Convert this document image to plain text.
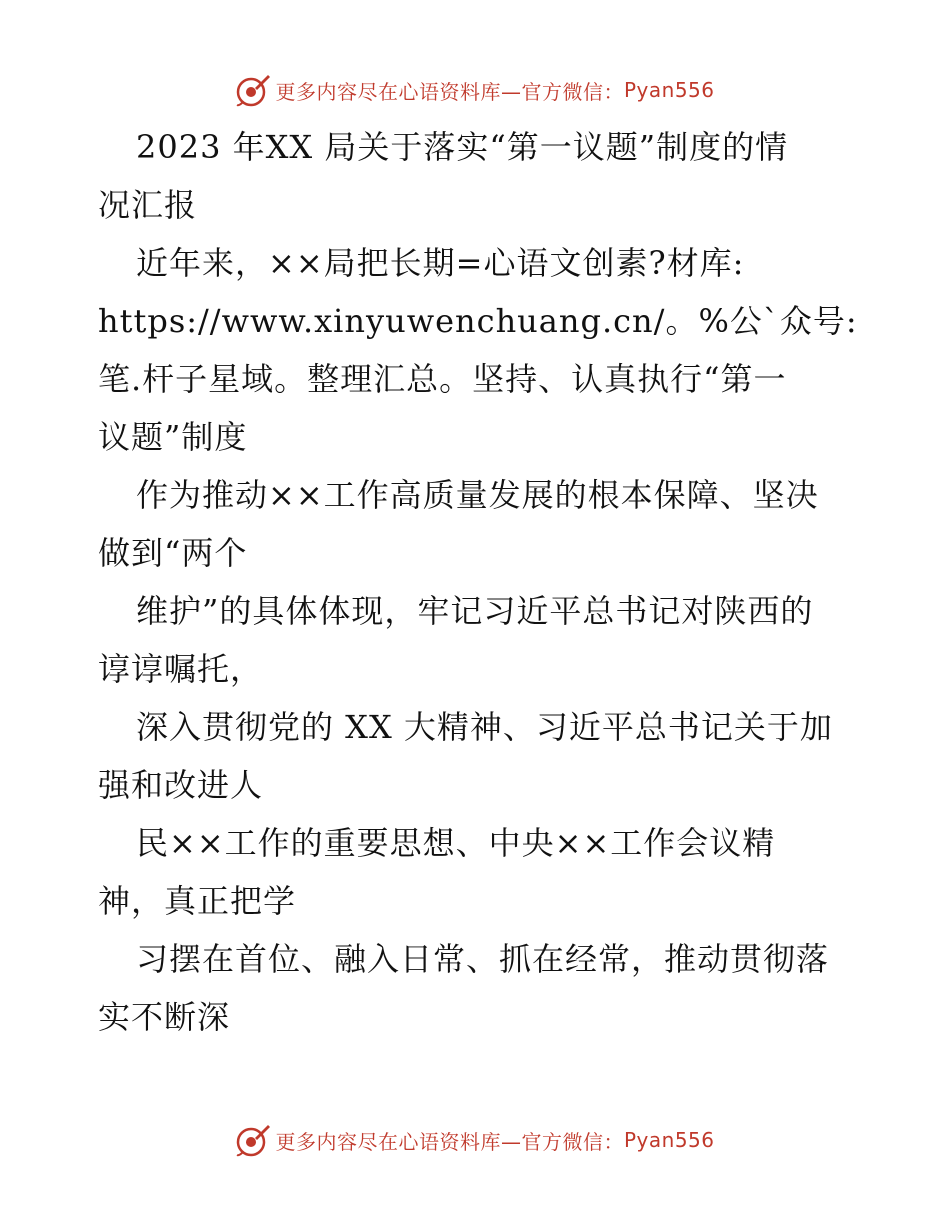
更多内容尽在心语资料库—官方微信： Pyan556
2023 年XX 局关于落实“第一议题”制度的情
况汇报
近年来，××局把长期=心语文创素?材库:
https://www.xinyuwenchuang.cn/。%公`众号:
笔.杆子星域。整理汇总。坚持、认真执行“第一
议题”制度
作为推动××工作高质量发展的根本保障、坚决
做到“两个
维护”的具体体现，牢记习近平总书记对陕西的
谆谆嘱托，
深入贯彻党的 XX 大精神、习近平总书记关于加
强和改进人
民××工作的重要思想、中央××工作会议精
神，真正把学
习摆在首位、融入日常、抓在经常，推动贯彻落
实不断深
更多内容尽在心语资料库—官方微信： Pyan556
